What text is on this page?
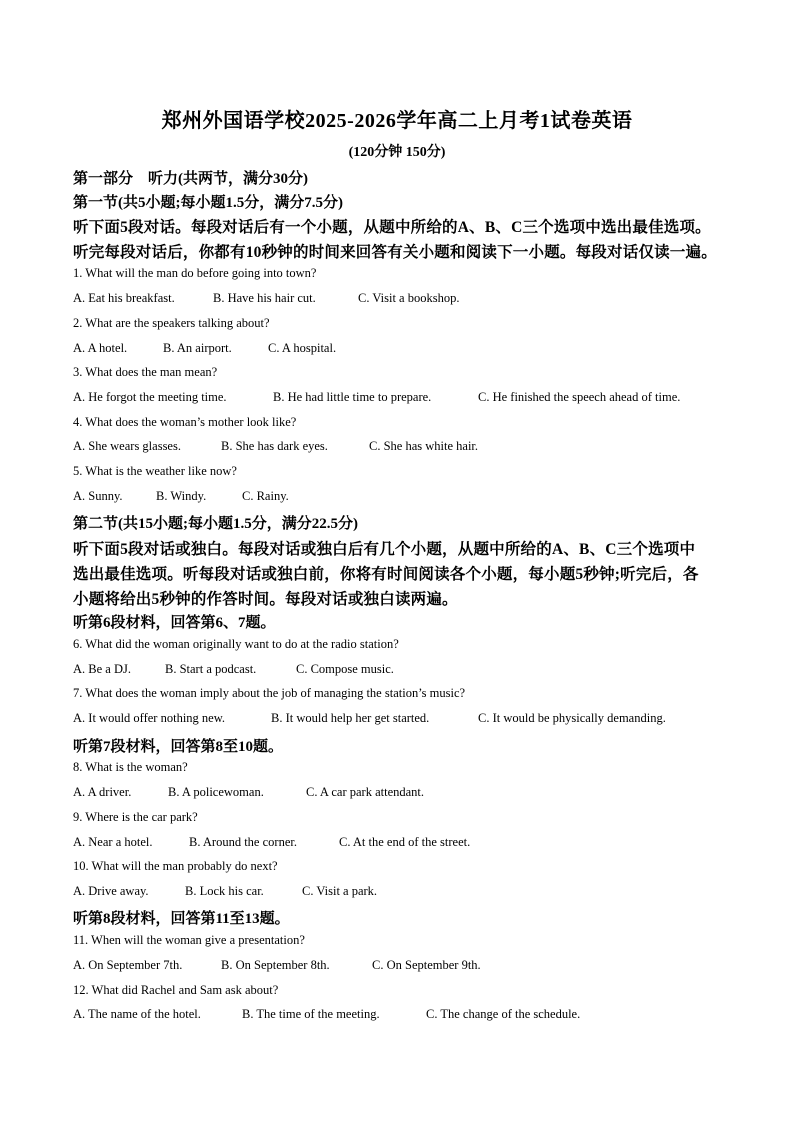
郑州外国语学校2025-2026学年高二上月考1试卷英语
(120分钟 150分)
第一部分　听力(共两节，满分30分)
第一节(共5小题;每小题1.5分，满分7.5分)
听下面5段对话。每段对话后有一个小题，从题中所给的A、B、C三个选项中选出最佳选项。
听完每段对话后，你都有10秒钟的时间来回答有关小题和阅读下一小题。每段对话仅读一遍。
1. What will the man do before going into town?
A. Eat his breakfast.	B. Have his hair cut.	C. Visit a bookshop.
2. What are the speakers talking about?
A. A hotel.	B. An airport.	C. A hospital.
3. What does the man mean?
A. He forgot the meeting time.	B. He had little time to prepare.	C. He finished the speech ahead of time.
4. What does the woman’s mother look like?
A. She wears glasses.	B. She has dark eyes.	C. She has white hair.
5. What is the weather like now?
A. Sunny.	B. Windy.	C. Rainy.
第二节(共15小题;每小题1.5分，满分22.5分)
听下面5段对话或独白。每段对话或独白后有几个小题，从题中所给的A、B、C三个选项中
选出最佳选项。听每段对话或独白前，你将有时间阅读各个小题，每小题5秒钟;听完后，各
小题将给出5秒钟的作答时间。每段对话或独白读两遍。
听第6段材料，回答第6、7题。
6. What did the woman originally want to do at the radio station?
A. Be a DJ.	B. Start a podcast.	C. Compose music.
7. What does the woman imply about the job of managing the station’s music?
A. It would offer nothing new.	B. It would help her get started.	C. It would be physically demanding.
听第7段材料，回答第8至10题。
8. What is the woman?
A. A driver.	B. A policewoman.	C. A car park attendant.
9. Where is the car park?
A. Near a hotel.	B. Around the corner.	C. At the end of the street.
10. What will the man probably do next?
A. Drive away.	B. Lock his car.	C. Visit a park.
听第8段材料，回答第11至13题。
11. When will the woman give a presentation?
A. On September 7th.	B. On September 8th.	C. On September 9th.
12. What did Rachel and Sam ask about?
A. The name of the hotel.	B. The time of the meeting.	C. The change of the schedule.
